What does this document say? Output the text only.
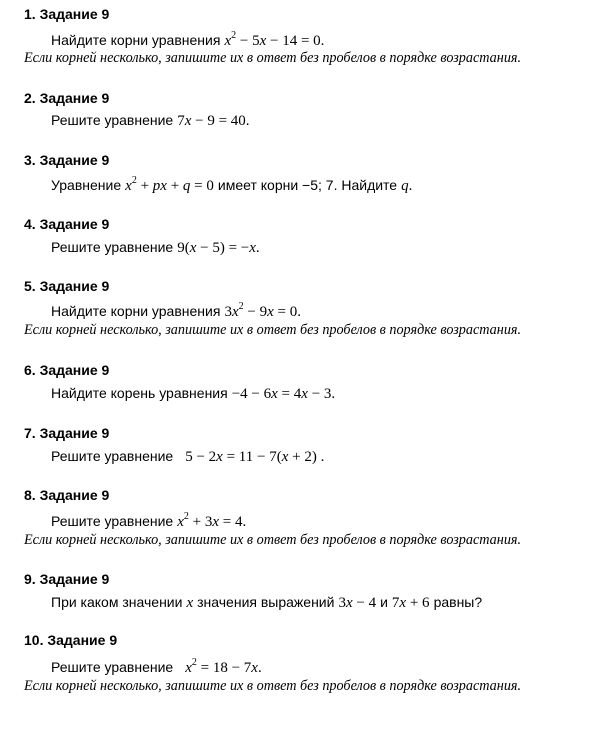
1. Задание 9
Найдите корни уравнения $x^2 - 5x - 14 = 0$.
Если корней несколько, запишите их в ответ без пробелов в порядке возрастания.
2. Задание 9
Решите уравнение 7x − 9 = 40.
3. Задание 9
Уравнение $x^2$ + px + q = 0 имеет корни −5; 7. Найдите q.
4. Задание 9
Решите уравнение 9(x − 5) = −x.
5. Задание 9
Найдите корни уравнения $3x^2 - 9x = 0$.
Если корней несколько, запишите их в ответ без пробелов в порядке возрастания.
6. Задание 9
Найдите корень уравнения −4 − 6x = 4x − 3.
7. Задание 9
Решите уравнение 5 − 2x = 11 − 7(x + 2) .
8. Задание 9
Решите уравнение $x^2 + 3x = 4$.
Если корней несколько, запишите их в ответ без пробелов в порядке возрастания.
9. Задание 9
При каком значении x значения выражений 3x − 4 и 7x + 6 равны?
10. Задание 9
Решите уравнение $x^2 = 18 - 7x$.
Если корней несколько, запишите их в ответ без пробелов в порядке возрастания.
